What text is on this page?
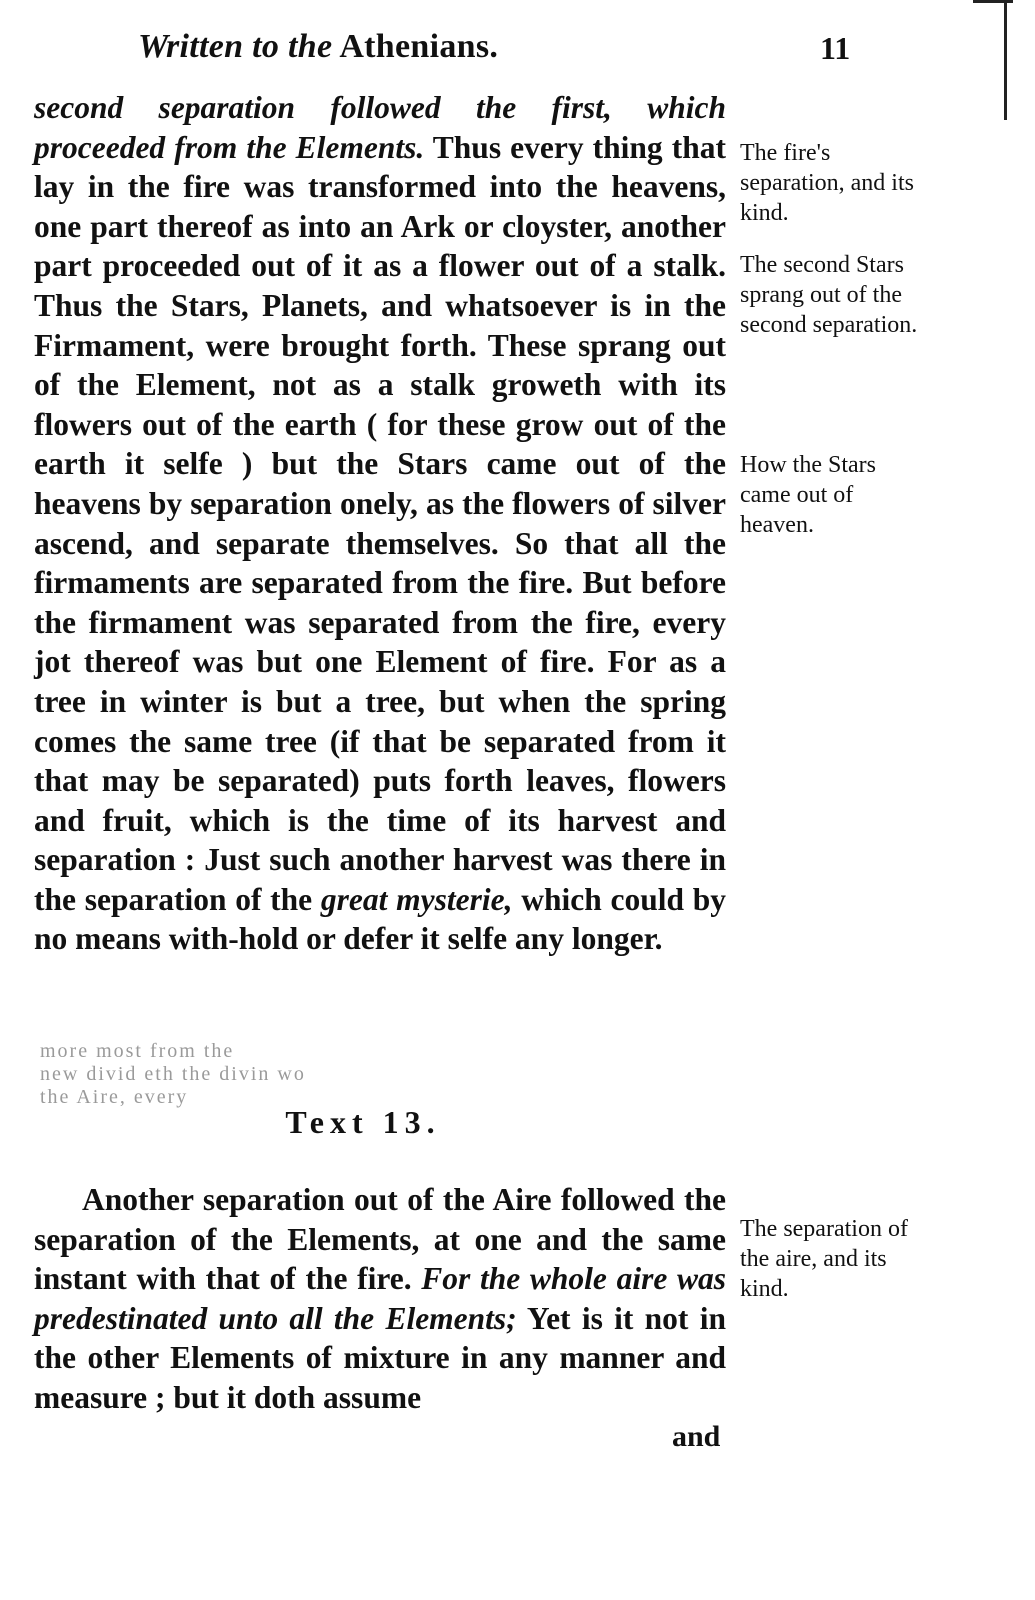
Written to the Athenians.	11

second separation followed the first, which proceeded from the Elements. Thus every thing that lay in the fire was transformed into the heavens, one part thereof as into an Ark or cloyster, another part proceeded out of it as a flower out of a stalk. Thus the Stars, Planets, and whatsoever is in the Firmament, were brought forth. These sprang out of the Element, not as a stalk groweth with its flowers out of the earth ( for these grow out of the earth it selfe ) but the Stars came out of the heavens by separation onely, as the flowers of silver ascend, and separate themselves. So that all the firmaments are separated from the fire. But before the firmament was separated from the fire, every jot thereof was but one Element of fire. For as a tree in winter is but a tree, but when the spring comes the same tree (if that be separated from it that may be separated) puts forth leaves, flowers and fruit, which is the time of its harvest and separation : Just such another harvest was there in the separation of the great mysterie, which could by no means with-hold or defer it selfe any longer.

Text 13.

Another separation out of the Aire followed the separation of the Elements, at one and the same instant with that of the fire. For the whole aire was predestinated unto all the Elements; Yet is it not in the other Elements of mixture in any manner and measure ; but it doth assume

and
The fire's separation, and its kind.
The second Stars sprang out of the second separation.
How the Stars came out of heaven.
The separation of the aire, and its kind.
more most from the
new divid eth the divin wo
the Aire, every
